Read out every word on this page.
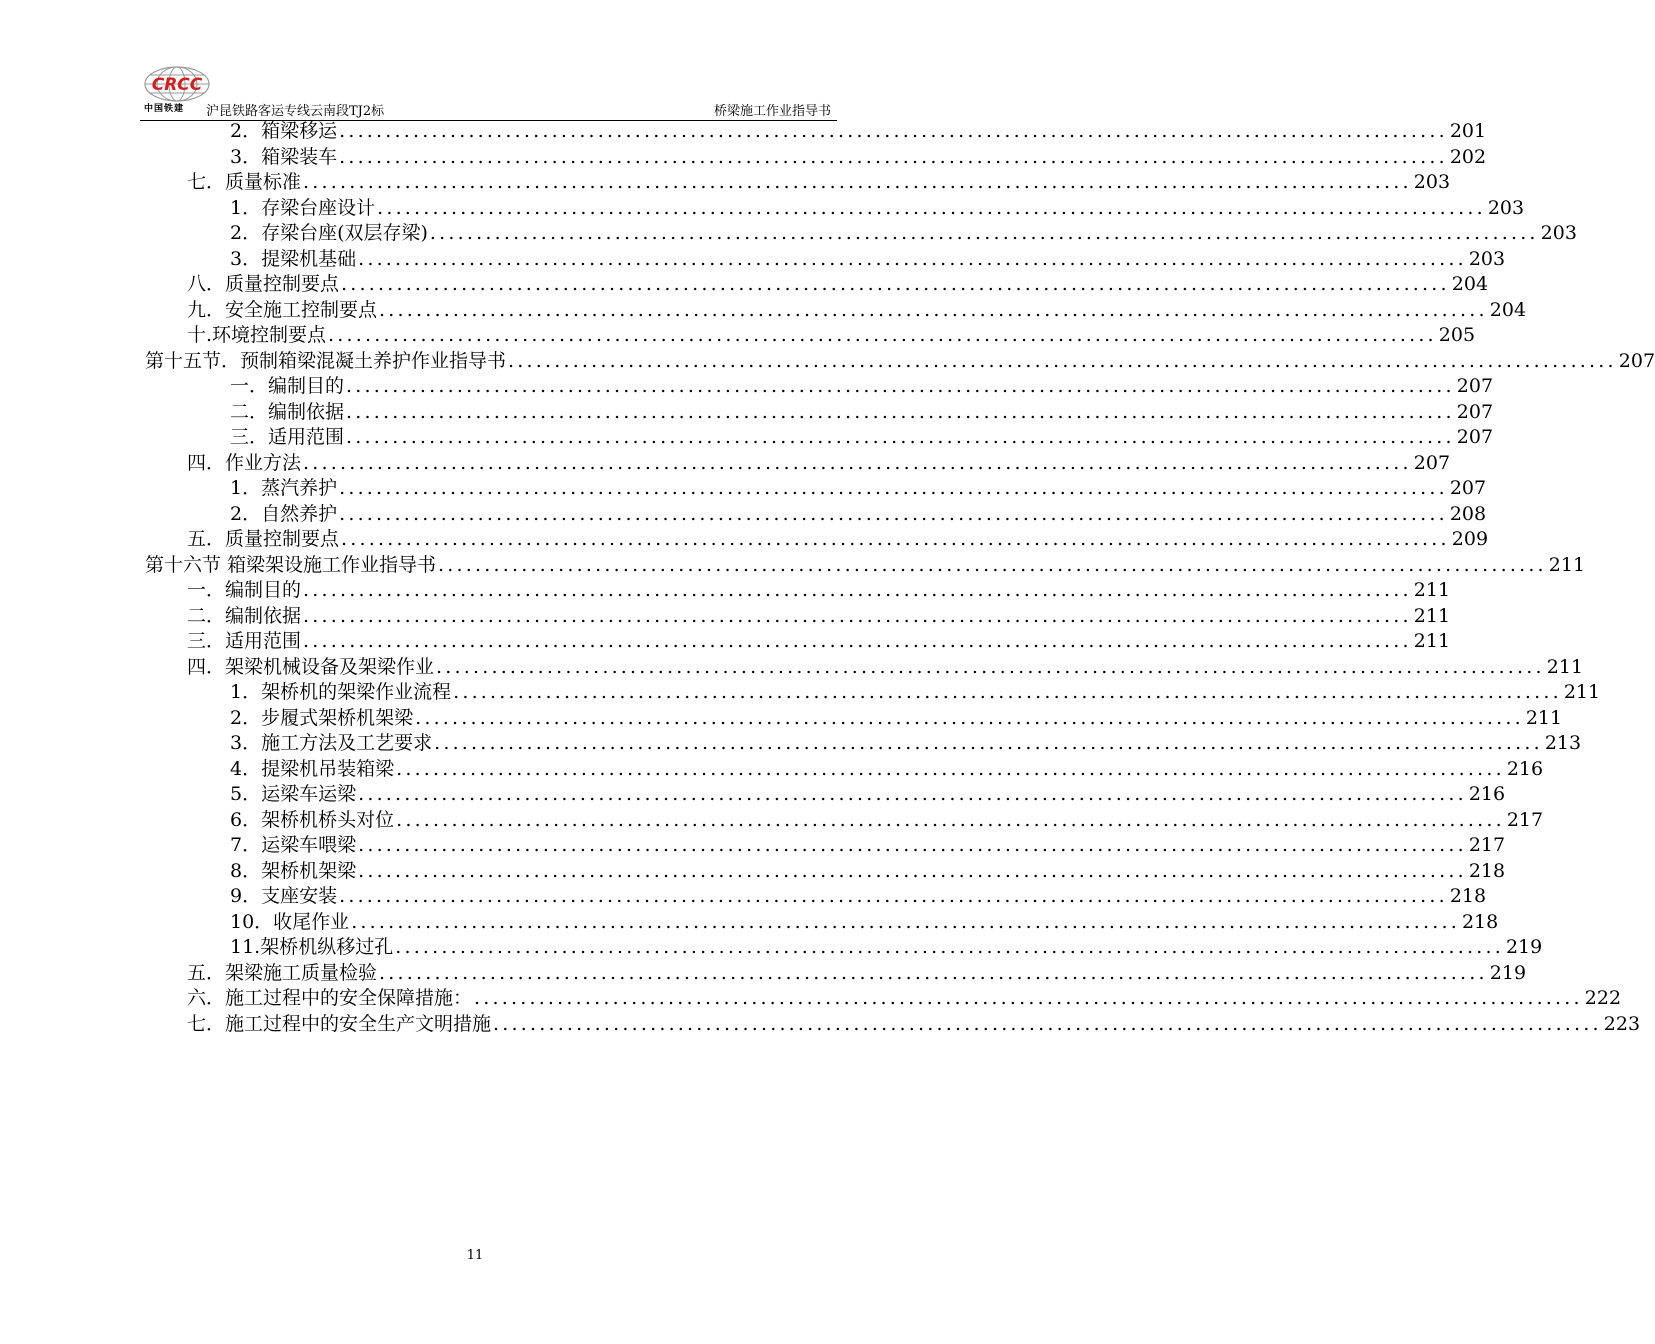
CRCC
中国铁建 沪昆铁路客运专线云南段TJ2标	桥梁施工作业指导书
2．箱梁移运 ........................................................................................................................ 201
3．箱梁装车 ........................................................................................................................ 202
七．质量标准 ........................................................................................................................ 203
1．存梁台座设计 ........................................................................................................................ 203
2．存梁台座(双层存梁) ........................................................................................................................ 203
3．提梁机基础 ........................................................................................................................ 203
八．质量控制要点 ........................................................................................................................ 204
九．安全施工控制要点 ........................................................................................................................ 204
十.环境控制要点 ........................................................................................................................ 205
第十五节．预制箱梁混凝土养护作业指导书 ........................................................................................................................ 207
一．编制目的 ........................................................................................................................ 207
二．编制依据 ........................................................................................................................ 207
三．适用范围 ........................................................................................................................ 207
四．作业方法 ........................................................................................................................ 207
1．蒸汽养护 ........................................................................................................................ 207
2．自然养护 ........................................................................................................................ 208
五．质量控制要点 ........................................................................................................................ 209
第十六节 箱梁架设施工作业指导书 ........................................................................................................................ 211
一．编制目的 ........................................................................................................................ 211
二．编制依据 ........................................................................................................................ 211
三．适用范围 ........................................................................................................................ 211
四．架梁机械设备及架梁作业 ........................................................................................................................ 211
1．架桥机的架梁作业流程 ........................................................................................................................ 211
2．步履式架桥机架梁 ........................................................................................................................ 211
3．施工方法及工艺要求 ........................................................................................................................ 213
4．提梁机吊装箱梁 ........................................................................................................................ 216
5．运梁车运梁 ........................................................................................................................ 216
6．架桥机桥头对位 ........................................................................................................................ 217
7．运梁车喂梁 ........................................................................................................................ 217
8．架桥机架梁 ........................................................................................................................ 218
9．支座安装 ........................................................................................................................ 218
10．收尾作业 ........................................................................................................................ 218
11.架桥机纵移过孔 ........................................................................................................................ 219
五．架梁施工质量检验 ........................................................................................................................ 219
六．施工过程中的安全保障措施： ........................................................................................................................ 222
七．施工过程中的安全生产文明措施 ........................................................................................................................ 223
11
